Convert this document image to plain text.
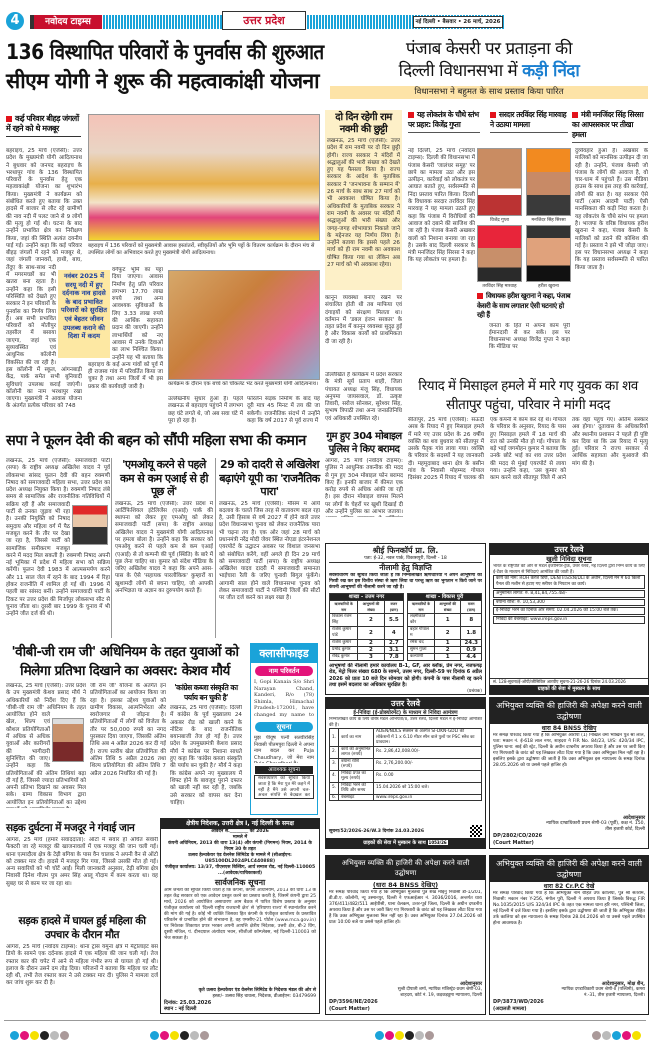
4	नवोदय टाइम्स	उत्तर प्रदेश	नई दिल्ली • बैसवार • 26 मार्च, 2026
136 विस्थापित परिवारों के पुनर्वास की शुरुआत
सीएम योगी ने शुरू की महत्वाकांक्षी योजना
कई परिवार बीहड़ जंगलों में रहने को थे मजबूर
बहराइच, 25 मार्च (एजेंसी): उत्तर प्रदेश के मुख्यमंत्री योगी आदित्यनाथ ने बुधवार को जनपद बहराइच के भरथापुर गांव के 136 विस्थापित परिवारों के पुनर्वास हेतु एक महत्वाकांक्षी योजना का शुभारंभ किया। मुख्यमंत्री ने कार्यक्रम को संबोधित करते हुए बताया कि उक्त हादसे में बाजार से लौट रहे ग्रामीणों की नाव नदी में पलट जाने से 9 लोगों की मृत्यु हो गई थी। घटना के बाद उन्होंने प्रभावित क्षेत्र का निरीक्षण किया, जहां की स्थिति अत्यंत दयनीय पाई गई। उन्होंने कहा कि कई परिवार बीहड़ जंगलों में रहने को मजबूर थे, जहां जंगली जानवरों, हाथी, बाघ, तेंदुए के साथ-साथ नदी में मगरमच्छों का भी खतरा बना रहता है। उन्होंने कहा कि इसी परिस्थिति को देखते हुए सरकार ने इन परिवारों के पुनर्वास का निर्णय लिया है। अब सभी प्रभावित परिवारों को मोतीपुर तहसील में बसाया जाएगा, जहां एक सुव्यवस्थित एवं आधुनिक कॉलोनी विकसित की जा रही है। इस कॉलोनी में स्कूल, आंगनबाड़ी केंद्र, पार्क समेत सभी बुनियादी सुविधाएं उपलब्ध कराई जाएंगी। कॉलोनी का नाम भरथापुर रखा जाएगा। मुख्यमंत्री ने आवास योजना के अंतर्गत प्रत्येक परिवार को 748
बहराइच में 136 परिवारों को मुख्यमंत्री आवास हस्तांतरों, स्वीकृतियों और भूमि पट्टों के वितरण कार्यक्रम के दौरान मंच से उपस्थित लोगों का अभिवादन करते हुए मुख्यमंत्री योगी आदित्यनाथ।
नवंबर 2025 में सरयू नदी में हुए दर्दनाक नाव हादसे के बाद प्रभावित परिवारों को सुरक्षित एवं बेहतर जीवन उपलब्ध कराने की दिशा में कदम
वर्गफुट भूमि का पट्टा दिया जाएगा। आवास निर्माण हेतु प्रति परिवार लगभग 17.70 लाख रुपये तथा अन्य आवश्यक सुविधाओं के लिए 3.33 लाख रुपये की आर्थिक सहायता प्रदान की जाएगी। उन्होंने लाभार्थियों को नए आवास में उनके दिवाओं का लाभ निश्चित किया। उन्होंने यह भी बताया कि बहराइच के कई अन्य गांवों को पूर्व में ही राजस्व गांव में परिवर्तित किया जा चुका है तथा अन्य जिलों में भी इस प्रकार की कार्यवाही जारी है।	कार्यक्रम के दौरान एक बच्चे को चॉकलेट भेंट करते मुख्यमंत्री योगी आदित्यनाथ।
उल्लेखनीय सुधार हुआ है। पहले लखनऊ से बहराइच पहुंचने में लगभग छह घंटे लगते थे, जो अब सवा घंटे में पूरा हो रहा है।
फोरलेन सड़क निर्माण के बाद यह दूरी मात्र 45 मिनट में तय की जा सकेगी। राजनीतिक संदर्भ में उन्होंने कहा कि वर्ष 2017 से पूर्व राज्य में
सपा ने फूलन देवी की बहन को सौंपी महिला सभा की कमान
लखनऊ, 25 मार्च (एजेंसी): समाजवादी पार्टी (सपा) के राष्ट्रीय अध्यक्ष अखिलेश यादव ने पूर्व लोकसभा सांसद फूलन देवी की बहन रुक्मणी निषाद को समाजवादी महिला सभा, उत्तर प्रदेश का प्रदेश अध्यक्ष नियुक्त किया है। रुक्मणी निषाद लंबे समय से सामाजिक और राजनीतिक गतिविधियों में सक्रिय रही हैं और समाजवादी पार्टी से उनका जुड़ाव भी रहा है। उनकी नियुक्ति को निषाद समुदाय और महिला वर्ग में पैठ मजबूत करने के तौर पर देखा जा रहा है, जिससे पार्टी को सामाजिक समीकरण मजबूत करने में मदद मिल सकती है। रुक्मणी निषाद अपनी नई भूमिका में प्रदेश में महिला सभा को सक्रिय करेंगी। फूलन देवी 1983 में आत्मसमर्पण करने और 11 साल जेल में रहने के बाद 1994 में रिहा होकर राजनीति में शामिल हो गई थीं। 1996 में पहली बार सांसद बनीं। उन्होंने समाजवादी पार्टी के टिकट पर उत्तर प्रदेश की मिर्जापुर लोकसभा सीट से चुनाव जीता था। दूसरी बार 1999 के चुनाव में भी उन्होंने जीत दर्ज की थी।
'एमओयू करने से पहले कम से कम एआई से ही पूछ लें'
लखनऊ, 25 मार्च (एजेंसी): उत्तर प्रदेश में आर्टिफिशियल इंटेलिजेंस (एआई) पार्क की स्थापना को लेकर हुए एमओयू को लेकर समाजवादी पार्टी (सपा) के राष्ट्रीय अध्यक्ष अखिलेश यादव ने मुख्यमंत्री योगी आदित्यनाथ पर हमला बोला है। उन्होंने कहा कि सरकार को एमओयू करने से पहले कम से कम एआई (एआई) से तो कम्पनी की पूर्व (स्थिति) के बारे में पूछ लेना चाहिए था। कुमार को संदेश मीडिया के जरिए अखिलेश यादव ने कहा कि अपने आस-पास के ऐसे 'सहायक पारलौकिक' कुम्हारों या खुशामदी लोगों से बचना चाहिए, जो आपकी अनभिज्ञता या अज्ञान का दुरुपयोग करते हैं।
29 को दादरी से अखिलेश बढ़ाएंगे यूपी का 'राजनैतिक पारा'
लखनऊ, 25 मार्च (एजेंसी): मौसम में आये बदलाव के चलते जिस तरह से वातावरण बदल रहा है, उसी हिसाब से वर्ष 2027 में होने वाले उत्तर प्रदेश विधानसभा चुनाव को लेकर राजनैतिक पारा भी चढ़ना तय है। एक ओर जहां 28 मार्च को प्रधानमंत्री नरेंद्र मोदी जेवर स्थित नोएडा इंटरनेशनल एयरपोर्ट के उद्घाटन अवसर पर विशाल जनसभा को संबोधित करेंगे, वहीं अगले ही दिन 29 मार्च को समाजवादी पार्टी (सपा) के राष्ट्रीय अध्यक्ष अखिलेश यादव दादरी में समाजवादी समानता भाईचारा रैली के जरिए चुनावी बिगुल फूंकेंगे। आगामी साल होने वाले विधानसभा चुनाव को लेकर समाजवादी पार्टी ने पश्चिमी जिलों की सीटों पर जीत दर्ज करने का लक्ष्य रखा है।
'वीबी-जी राम जी' अधिनियम के तहत युवाओं को
मिलेगा प्रतिभा दिखाने का अवसर: केशव मौर्य
लखनऊ, 25 मार्च (एजेंसी): उत्तर प्रदेश के उप मुख्यमंत्री केशव प्रसाद मौर्य ने अधिकारियों को निर्देश दिए हैं कि 'वीबी-जी राम जी' अधिनियम के तहत आयोजित होने वाले खेल, शिल्प एवं कौशल प्रतियोगिताओं में अधिक से अधिक युवाओं और कारीगरों की भागीदारी सुनिश्चित की जाए। उन्होंने कहा कि प्रतियोगिताओं की अंतिम तिथियां बढ़ा दी गई हैं, जिससे ज्यादा प्रतिभागियों को अपनी प्रतिभा दिखाने का अवसर मिल सके। ग्राम्य विकास विभाग द्वारा आयोजित इन प्रतियोगिताओं का उद्देश्य
जी राम जी' योजना के अंतर्गत इन प्रतियोगिताओं का आयोजन किया जा रहा है। इसका उद्देश्य युवाओं को ग्रामीण विकास, आत्मनिर्भरता और स्वरोजगार से जोड़ना है। प्रतियोगिताओं में लोगों को विजेता के तौर पर 50,000 रुपये का नगद पुरस्कार दिया जाएगा, जिसकी अंतिम तिथि अब 4 अप्रैल 2026 कर दी गई है। राज्य स्तरीय खेल प्रतियोगिता की अंतिम तिथि 5 अप्रैल 2026 तथा शिल्प प्रतियोगिता की अंतिम तिथि 7 अप्रैल 2026 निर्धारित की गई है।
'कांग्रेस कब्जा संस्कृति का पर्याय बन चुकी है'
लखनऊ, 25 मार्च (एजेंसी): दिल्ली में कांग्रेस के पूर्व मुख्यालय 24 अकबर रोड को खाली करने के नोटिस के बाद राजनीतिक बयानबाजी तेज हो गई है। उत्तर प्रदेश के उपमुख्यमंत्री केशव प्रसाद मौर्य ने कांग्रेस पर निशाना साधते हुए कहा कि 'कांग्रेस कब्जा संस्कृति की पर्याय बन चुकी है।' मौर्य ने कहा कि कांग्रेस अपने नए मुख्यालय में शिफ्ट होने के बावजूद पुराने दफ्तर को खाली नहीं कर रही है, जबकि उसे सरकार को वापस कर देना चाहिए।
क्लासीफाइड
नाम परिवर्तन
I, Gopi Kanaia S/o Shri Narayan Chand, Kanderi, R/o (78) Shimla, Himachal Pradesh-172001, have changed my name to
सूचना
मुझ पीयूष पत्नी सतवीरसिंह निवासी पीतमपुरा दिल्ली ने अपना नाम बदल कर Puja Chaudhary, जो मेरा नाम
आवश्यक सूचना
सर्वसाधारण को सूचित किया जाता है कि मेरा पुत्र मेरे कहने में नहीं है मैंने उसे अपनी चल-अचल संपत्ति से बेदखल कर
सड़क दुर्घटना में मजदूर ने गंवाई जान
आगरा, 25 मार्च (हमारे संवाददाता): ऑटो में सवार हो अचिंत सवारी फैक्टरी जा रहे मजदूर की खाजनावलों में एक मजदूर की जान चली गई। थाना एत्मादौला क्षेत्र के टेढ़ी बगिया के पास वैन चालक ने अपनी वैन से ऑटो को टक्कर मार दी। हादसे में मजदूर गिर गया, जिससे उसकी मौत हो गई। अन्य सवारियों को भी चोटें आईं। मिली जानकारी अनुसार, टेढ़ी बगिया क्षेत्र निवासी दिनेश गौतम पुत्र अमर सिंह आलू गोदाम में काम करता था। वह सुबह घर से काम पर जा रहा था।
सड़क हादसे में घायल हुई महिला की उपचार के दौरान मौत
आगरा, 25 मार्च (नवोदय टाइम्स): थाना ट्रांस यमुना क्षेत्र में मेट्रोलाइट बस डिपो के सामने एक दर्दनाक हादसे में एक महिला की जान चली गई। तेज रफ्तार कार की चपेट में आने से महिला गंभीर रूप से घायल हो गई थी। इलाज के दौरान उसने दम तोड़ दिया। परिजनों ने बताया कि महिला घर लौट रही थी, तभी तेज रफ्तार कार ने उसे टक्कर मार दी। पुलिस ने मामला दर्ज कर जांच शुरू कर दी है।
क्षेत्रीय निदेशक, उत्तरी क्षेत्र I, नई दिल्ली के समक्ष
आवेदन सं.________ का 2026
मामले में
कंपनी अधिनियम, 2013 की धारा 13(4) और कंपनी (निगमन) नियम, 2014 के नियम 30 के तहत
उत्सव हेल्थकेयर एंड वेलनेस लिमिटेड के मामले में (सीआईएन: U85100DL2024PLC440888)
पंजीकृत कार्यालय: 13/37, पीएसएस बिल्डिंग, आर्य समाज रोड, नई दिल्ली-110005 ...(आवेदक/याचिकाकर्ता)
सार्वजनिक सूचना
आम जनता को सूचित किया जाता है कि कंपनी, कंपनी अधिनियम, 2013 की धारा 13 के तहत केंद्र सरकार को एक आवेदन प्रस्तुत करने का प्रस्ताव करती है, जिसमें कंपनी द्वारा 25 मार्च, 2026 को आयोजित असाधारण आम बैठक में पारित विशेष प्रस्ताव के अनुसार पंजीकृत कार्यालय को 'दिल्ली राष्ट्रीय राजधानी क्षेत्र' से 'हरियाणा राज्य' में स्थानांतरित करने की मांग की गई है। कोई भी व्यक्ति जिसका हित कंपनी के पंजीकृत कार्यालय के प्रस्तावित परिवर्तन से प्रभावित होने की संभावना है, वह एमसीए-21 पोर्टल (www.mca.gov.in) पर निवेशक शिकायत प्रपत्र भरकर अपनी आपत्ति क्षेत्रीय निदेशक, उत्तरी क्षेत्र, बी-2 विंग, दूसरी मंजिल, पं. दीनदयाल अंत्योदय भवन, सीजीओ कॉम्प्लेक्स, नई दिल्ली-110003 को भेज सकता है।
कृते उत्सव हेल्थकेयर एंड वेलनेस लिमिटेड के निदेशक मंडल की ओर से
हस्ता/- उत्सव सिंह चावला, निदेशक, डीआईएन: 03479699
दिनांक: 25.03.2026
स्थान : नई दिल्ली
पंजाब केसरी पर प्रताड़ना की
दिल्ली विधानसभा में कड़ी निंदा
विधानसभा ने बहुमत के साथ प्रस्ताव किया पारित
दो दिन रहेगी राम नवमी की छुट्टी
लखनऊ, 25 मार्च (एजेंसी): उत्तर प्रदेश में राम नवमी पर दो दिन छुट्टी होगी। राज्य सरकार ने मंदिरों में श्रद्धालुओं की भारी संख्या को देखते हुए यह फैसला किया है। राज्य सरकार के आदेश के मुताबिक सरकार ने 'जनभावना के सम्मान में' 26 मार्च के साथ साथ 27 मार्च को भी अवकाश घोषित किया है। अधिकारियों के मुताबिक सरकार ने राम नवमी के अवसर पर मंदिरों में श्रद्धालुओं की भारी संख्या और जगह-जगह शोभायात्रा निकाले जाने के मद्देनजर यह निर्णय लिया है। उन्होंने बताया कि इससे पहले 26 मार्च को ही राम नवमी का अवकाश घोषित किया गया था लेकिन अब 27 मार्च को भी अवकाश रहेगा।
कानून व्यवस्था बनाए रखने पर संचालित होती थी तब माफिया एवं दंगाइयों को संरक्षण मिलता था। वर्तमान में 'डबल इंजन सरकार' के तहत प्रदेश में कानून व्यवस्था सुदृढ़ हुई है और विकास कार्यों को प्राथमिकता दी जा रही है।
उल्लिखित है कार्यक्रम में प्रदेश सरकार के मंत्री सूर्य प्रताप शाही, जिला पंचायत अध्यक्ष मंजू सिंह, विधायक अनुपमा जायसवाल, डॉ. उत्कृष्ट तिवारी, सरोज सोनकर, सुरेश्वर सिंह, सुभाष त्रिपाठी तथा अन्य जनप्रतिनिधि एवं अधिकारी उपस्थित रहे।
यह लोकतंत्र के चौथे स्तंभ पर प्रहार: विजेंद्र गुप्ता
सरदार तरविंदर सिंह मारवाह ने उठाया मामला
मंत्री मनजिंदर सिंह सिरसा का आपसरकार पर तीखा हमला
नई दिल्ली, 25 मार्च (नवोदय टाइम्स): दिल्ली की विधानसभा में पंजाब केसरी 'जालंधर समूह' पर छापे का मामला उठा और इस उत्पीड़न, कार्रवाई को लोकतंत्र पर आघात बताते हुए, सर्वसम्मति से निंदा प्रस्ताव पारित किया। दिल्ली के विधायक सरदार तरविंदर सिंह मारवाह ने यह मामला उठाते हुए कहा कि पंजाब में विरोधियों की आवाज को दबाने की साजिश की जा रही है। पंजाब केसरी अखबार वालों को निशाना बनाया जा रहा है। उसके बाद दिल्ली सरकार के मंत्री मनजिंदर सिंह सिरसा ने कहा कि यह लोकतंत्र पर हमला है।
दुर्व्यवहार हुआ है। अखबार के मालिकों को मानसिक उत्पीड़न दी जा रही है। उन्होंने, पंजाब केसरी जो पंजाब के लोगों की आवाज है, वो चार-धाम में पहुंचते हैं। उस मीडिया हाउस के साथ इस तरह की कार्रवाई, लोगों की बात है। यह सरकार ऐसे पार्टी (आम आदमी पार्टी) ऐसी मानसिकता की कड़ी निंदा करता है। यह लोकतंत्र के चौथे स्तंभ पर हमला है। भाजपा के वरिष्ठ विधायक हरीश खुराना ने कहा, पंजाब केसरी के मालिकों को डराने की कोशिश की गई है। प्रस्ताव ने इसे भी जोड़ा जाए। इस पर विधानसभा अध्यक्ष ने कहा कि यह प्रस्ताव सर्वसम्मति से पारित किया जाता है।
विजेंद्र गुप्ता	मनजिंदर सिंह सिरसा
तरविंदर सिंह मारवाह	हरीश खुराना
विधायक हरीश खुराना ने कहा, पंजाब केसरी के साथ लगातार ऐसी घटनाएं हो रही हैं
जनता के हित में अपना काम पूरी ईमानदारी से कर सकें। इस पर विधानसभा अध्यक्ष विजेंद्र गुप्ता ने कहा कि मीडिया पर
रियाद में मिसाइल हमले में मारे गए युवक का शव सीतापुर पहुंचा, परिवार ने मांगी मदद
सीतापुर, 25 मार्च (एजेंसी): सऊदी अरब के रियाद में हुए मिसाइल हमले में मारे गए उत्तर प्रदेश के 26 वर्षीय व्यक्ति का शव बुधवार को सीतापुर में उसके पैतृक गांव लाया गया। व्यक्ति के परिवार के सदस्यों ने यह जानकारी दी। महमूदाबाद थाना क्षेत्र के बसीन गांव के निवासी मोहम्मद गोपाल दिसंबर 2025 में रियाद में चालक की एक कंपनी में काम कर रहे थे। गोपाल के परिवार के अनुसार, रियाद के पास हुए मिसाइल हमले में 18 मार्च की रात को उनकी मौत हो गई। गोपाल के बड़े भाई जगमोहन कुमार ने बताया कि उनके छोटे भाई का शव उत्तर प्रदेश की मदद से मुंबई एयरपोर्ट से लाया गया। उन्होंने कहा, 'उस कुमार को काम करने वाले सीतापुर जिले में आने तक वहां पहुंच गए। अंतिम संस्कार अब होगा।' दूतावास के अधिकारियों और स्थानीय प्रशासन ने पहले ही पुष्टि कर दिया था कि उस रियाद में मृत्यु हुई। परिवार ने राज्य सरकार से आर्थिक सहायता और मुआवजे की मांग की है।
गुम हुए 304 मोबाइल पुलिस ने किए बरामद
आगरा, 25 मार्च (नवोदय टाइम्स): पुलिस ने आधुनिक तकनीक की मदद से गुम हुए 304 मोबाइल फोन बरामद किए हैं। इनकी बाजार में कीमत एक करोड़ रुपये से अधिक आंकी जा रही है। इस दौरान मोबाइल वापस मिलने पर लोगों के चेहरों पर खुशी दिखाई दी और उन्होंने पुलिस का आभार जताया।
श्रीई फिनकॉर्प प्रा. लि.
पता: ई-32, नवल पार्क, विकासपुरी, दिल्ली - 18
नीलामी हेतु विज्ञप्ति
सर्वसाधारण को सूचित किया जाता है कि निम्नलिखित ऋणधारियों ने अपने आभूषणों की गिरवी रख कर इस वित्तीय संस्था से ऋण लिया था परन्तु ऋण का भुगतान न किये जाने पर कंपनी आभूषणों की नीलामी करने जा रही है।
शाखा - उत्तम नगर		
ऋणधारियों के नाम	आभूषणों की संख्या	वजन (ग्राम)
विकास रंजन सिंह	2	5.5
राजेश कुमार पांडे	2	4
राजेश कुमार	2	2.7
प्रमोद कुमार	2	3.1
रविंद्र कुमार	3	7.8
शाखा - विकास पुरी		
ऋणधारियों के नाम	आभूषणों की संख्या	वजन (ग्राम)
लक्ष्मीकांत कौर	1	8
बहार गोपाल म	2	1.8
रमेश चंद	1	24.3
सुमन गुप्ता	2	0.9
कल्याणी	1	4.4
आभूषणों की नीलामी हमारे कार्यालय B-1, GF, आर ब्लॉक, प्रेम नगर, नजफगढ़ रोड, मेट्रो पिलर संख्या 680 के सामने, उत्तम नगर, दिल्ली-59 पर दिनांक 6 अप्रैल 2026 को प्रातः 10 बजे दिन सोमवार को होगी। कंपनी के पास नीलामी रद्द करने तथा इसमें बदलाव का अधिकार सुरक्षित है।
(प्रबंधक)
उत्तर रेलवे
खुली निविदा सूचना
भारत के राष्ट्रपति की ओर से मंडल इंजीनियर-ट्रैक, उत्तर रेलवे, नई दिल्ली द्वारा निम्न कार्य के लिए ई-टेंडर के माध्यम से निविदाएं आमंत्रित की जाती हैं।
कार्य का नाम: ROH कैरेज डिपो, DEN/TrackN/DLI के अधीन, दिल्ली मेन में 60 किलो पैनल की मशीन से हटाए गए स्लीपर के निपटान का कार्य।
अनुमानित लागत: रु. 8,41,84,755.48/-
बयाना राशि: रु. 10,53,300
ई-निविदा भरने का दिनांक और समय: 02.04.2026 को 15:00 बजे तक।
निविदा की वेबसाइट: www.ireps.gov.in
सं. 128-सूचना/ई-ओपी/जीसिविल आरपीए सूचना-21-26-26 दिनांक 24.03.2026
ग्राहकों की सेवा में मुस्कान के साथ
उत्तर रेलवे
ई-निविदा (ई-प्रोक्योरमेंट) के माध्यम से निविदा आमंत्रण
निम्नलिखित कार्य के लिये वरिष्ठ मंडल अभियंता/II, उत्तर रेलवे, दिल्ली मंडल ने ई-निविदा आमंत्रित की है।
1.	कार्य का नाम	ADEN/NDLS सेक्शन के अंतर्गत SI-DKN-GDLI की लोकेशनों में 1 x 6.10 मीटर स्पैन वाले पुलों पर PSC स्लैब का प्रावधान।
2.	कार्य की अनुमानित लागत (रुपये)	Rs. 2,86,42,008.00/-
3.	बयाना राशि (रुपये)	Rs. 2,76,200.00/-
4.	निविदा प्रपत्र का मूल्य (रुपये)	Rs. 0.00
5.	निविदा भरने की तिथि और समय	15.04.2026 को 15:00 बजे।
6.	वेबसाइट	www.ireps.gov.in
सूचना/52/2026-26/W.3 दिनांक 24.03.2026
ग्राहकों की सेवा में मुस्कान के साथ 1053/26
अभियुक्त व्यक्ति की हाजिरी की अपेक्षा करने वाली उद्घोषणा
धारा 84 BNSS देखिए
मेरे समक्ष परिवाद किया गया है कि अभियुक्त आरोपी (1) निखिल वर्मा भीखिन पुत्र श्री लाल, पता: मकान नं. ई-618 लाल नगर, शाहदरा ने FIR No. 84/23, U/S: 420/34 IPC, पुलिस थाना: साई की स्ट्रेट, दिल्ली के अधीन दण्डनीय अपराध किया है और उस पर जारी किए गए गिरफ्तारी के वारंट को यह लिखकर लौटा दिया गया है कि उक्त अभियुक्त मिल नहीं रहा है। इसलिए इसके द्वारा उद्घोषणा की जाती है कि उक्त अभियुक्त इस न्यायालय के समक्ष दिनांक 28.05.2026 को या उससे पहले हाजिर हो।
आदेशानुसार
न्यायिक दण्डाधिकारी प्रथम श्रेणी-03 (पूर्वी), कक्ष नं. 150, तीस हजारी कोर्ट, दिल्ली
DP/2802/CO/2026
(Court Matter)
अभियुक्त व्यक्ति की हाजिरी की अपेक्षा करने वाली उद्घोषणा
(धारा 84 BNSS देखिए)
मेरे समक्ष परिवाद किया गया है कि अभियुक्त मुजतबा पुत्र शेख मोइनु निवासी डी-1/201, डी.डी.ए. कॉलोनी, न्यू उस्मानपुर, दिल्ली ने एफआईआर नं. 3036/2016, अन्तर्गत धारा 376/411/482/511 आईपीसी, थाना वेलकम, उत्तर-पूर्व जिला, दिल्ली के अधीन दण्डनीय अपराध किया है और उस पर जारी किए गए गिरफ्तारी के वारंट को यह लिखकर लौटा दिया गया है कि उक्त अभियुक्त मुजतबा मिल नहीं रहा है। उक्त अभियुक्त दिनांक 27.04.2026 को प्रातः 10:00 बजे या उससे पहले हाजिर हो।
आदेशानुसार
सुश्री दीपाली शर्मा, न्यायिक मजिस्ट्रेट-प्रथम श्रेणी-03, शाहदरा, कोर्ट नं. 19, कड़कड़डूमा न्यायालय, दिल्ली
DP/3596/NE/2026
(Court Matter)
अभियुक्त व्यक्ति की हाजिरी की अपेक्षा करने वाली उद्घोषणा
धारा 82 Cr.P.C देखें
मेरे समक्ष परिवाद किया गया है कि अभियुक्त नाम रोहित उर्फ कालिया, पुत्र श्री संतराम, निवासी: मकान नंबर Y-256, मंगोल पुरी, दिल्ली ने अपराध किया है जिसके विरुद्ध FIR No.1035/2015 U/S 324/34 IPC के तहत एक मामला थाना हरि नगर, पश्चिमी जिला, नई दिल्ली में दर्ज किया गया है। इसलिए इसके द्वारा उद्घोषणा की जाती है कि अभियुक्त रोहित उर्फ कालिया को इस न्यायालय के समक्ष दिनांक 28.04.2026 को या उससे पहले उपस्थित होना आवश्यक है।
आदेशानुसार, मोक्ष शैन,
न्यायिक दण्डाधिकारी प्रथम श्रेणी-II (पश्चिमी), कमरा नं.-31, तीस हजारी न्यायालय, दिल्ली।
DP/3873/WD/2026
(अदालती मामला)
